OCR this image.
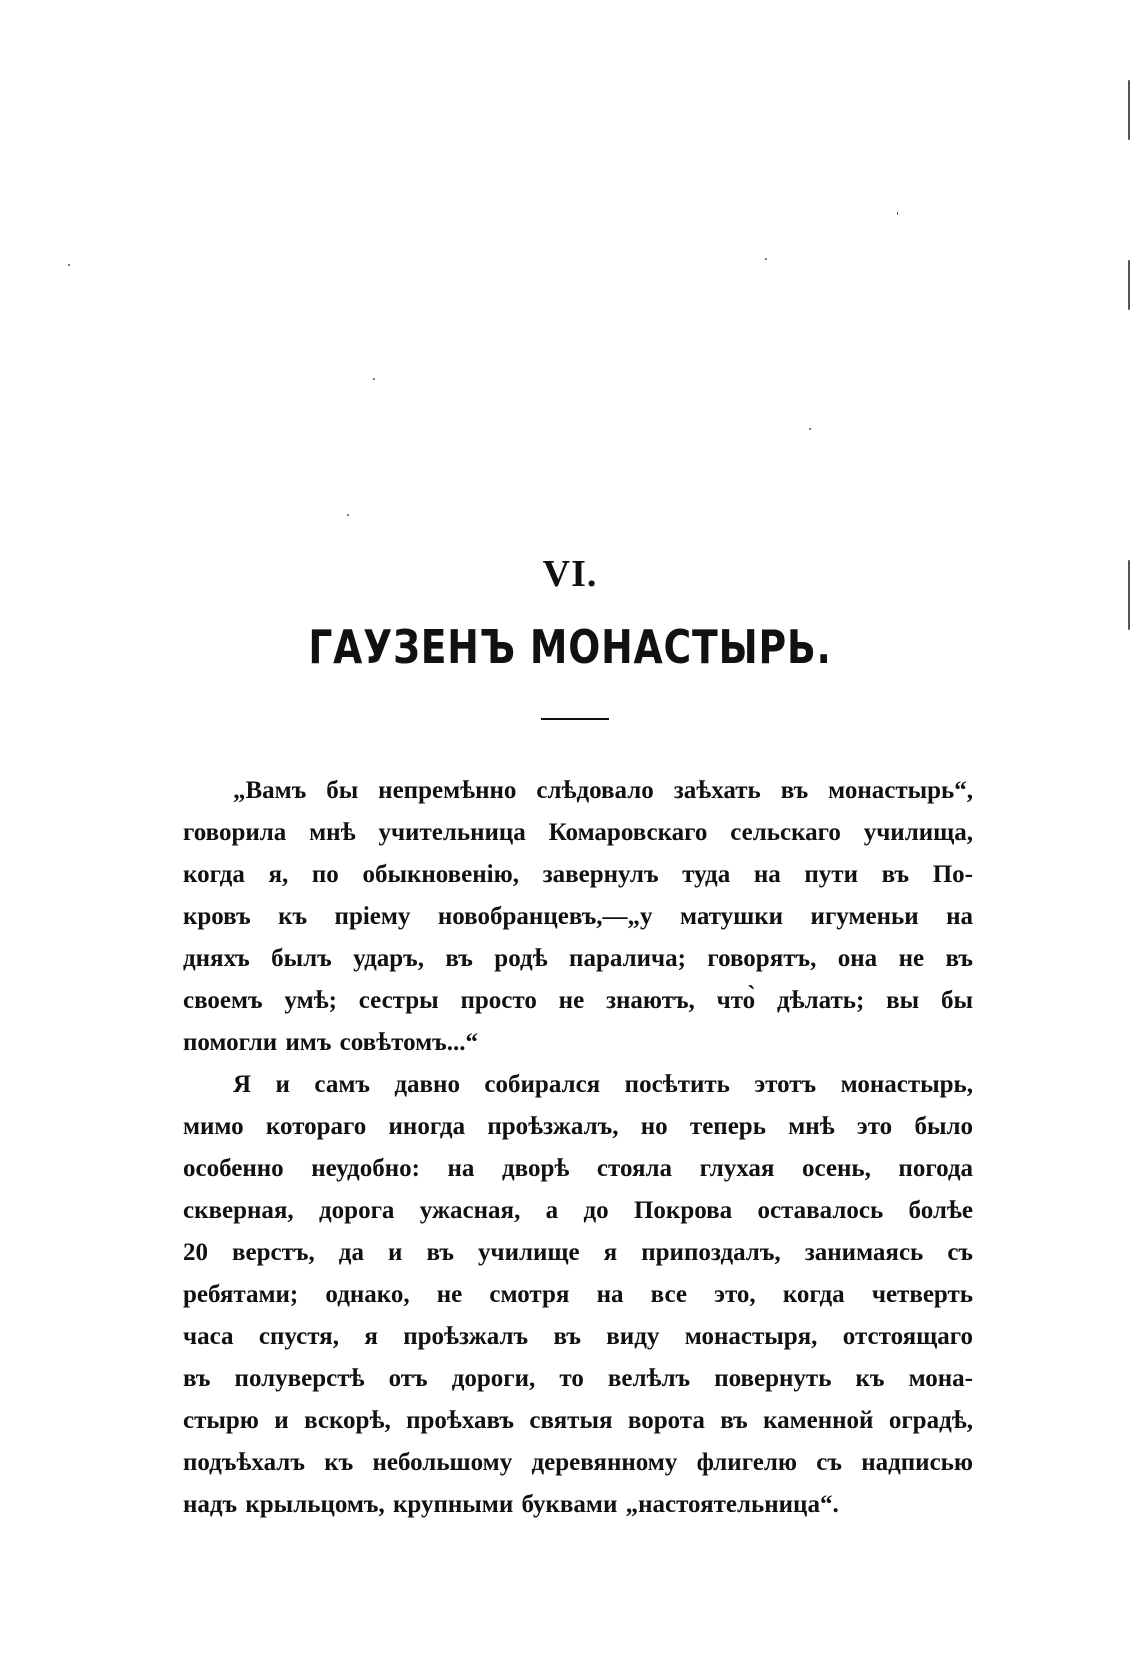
VI.
ГАУЗЕНЪ МОНАСТЫРЬ.
„Вамъ бы непремѣнно слѣдовало заѣхать въ монастырь“,
говорила мнѣ учительница Комаровскаго сельскаго училища,
когда я, по обыкновенію, завернулъ туда на пути въ По-
кровъ къ пріему новобранцевъ,—„у матушки игуменьи на
дняхъ былъ ударъ, въ родѣ паралича; говорятъ, она не въ
своемъ умѣ; сестры просто не знаютъ, что̀ дѣлать; вы бы
помогли имъ совѣтомъ...“
Я и самъ давно собирался посѣтить этотъ монастырь,
мимо котораго иногда проѣзжалъ, но теперь мнѣ это было
особенно неудобно: на дворѣ стояла глухая осень, погода
скверная, дорога ужасная, а до Покрова оставалось болѣе
20 верстъ, да и въ училище я припоздалъ, занимаясь съ
ребятами; однако, не смотря на все это, когда четверть
часа спустя, я проѣзжалъ въ виду монастыря, отстоящаго
въ полуверстѣ отъ дороги, то велѣлъ повернуть къ мона-
стырю и вскорѣ, проѣхавъ святыя ворота въ каменной оградѣ,
подъѣхалъ къ небольшому деревянному флигелю съ надписью
надъ крыльцомъ, крупными буквами „настоятельница“.
